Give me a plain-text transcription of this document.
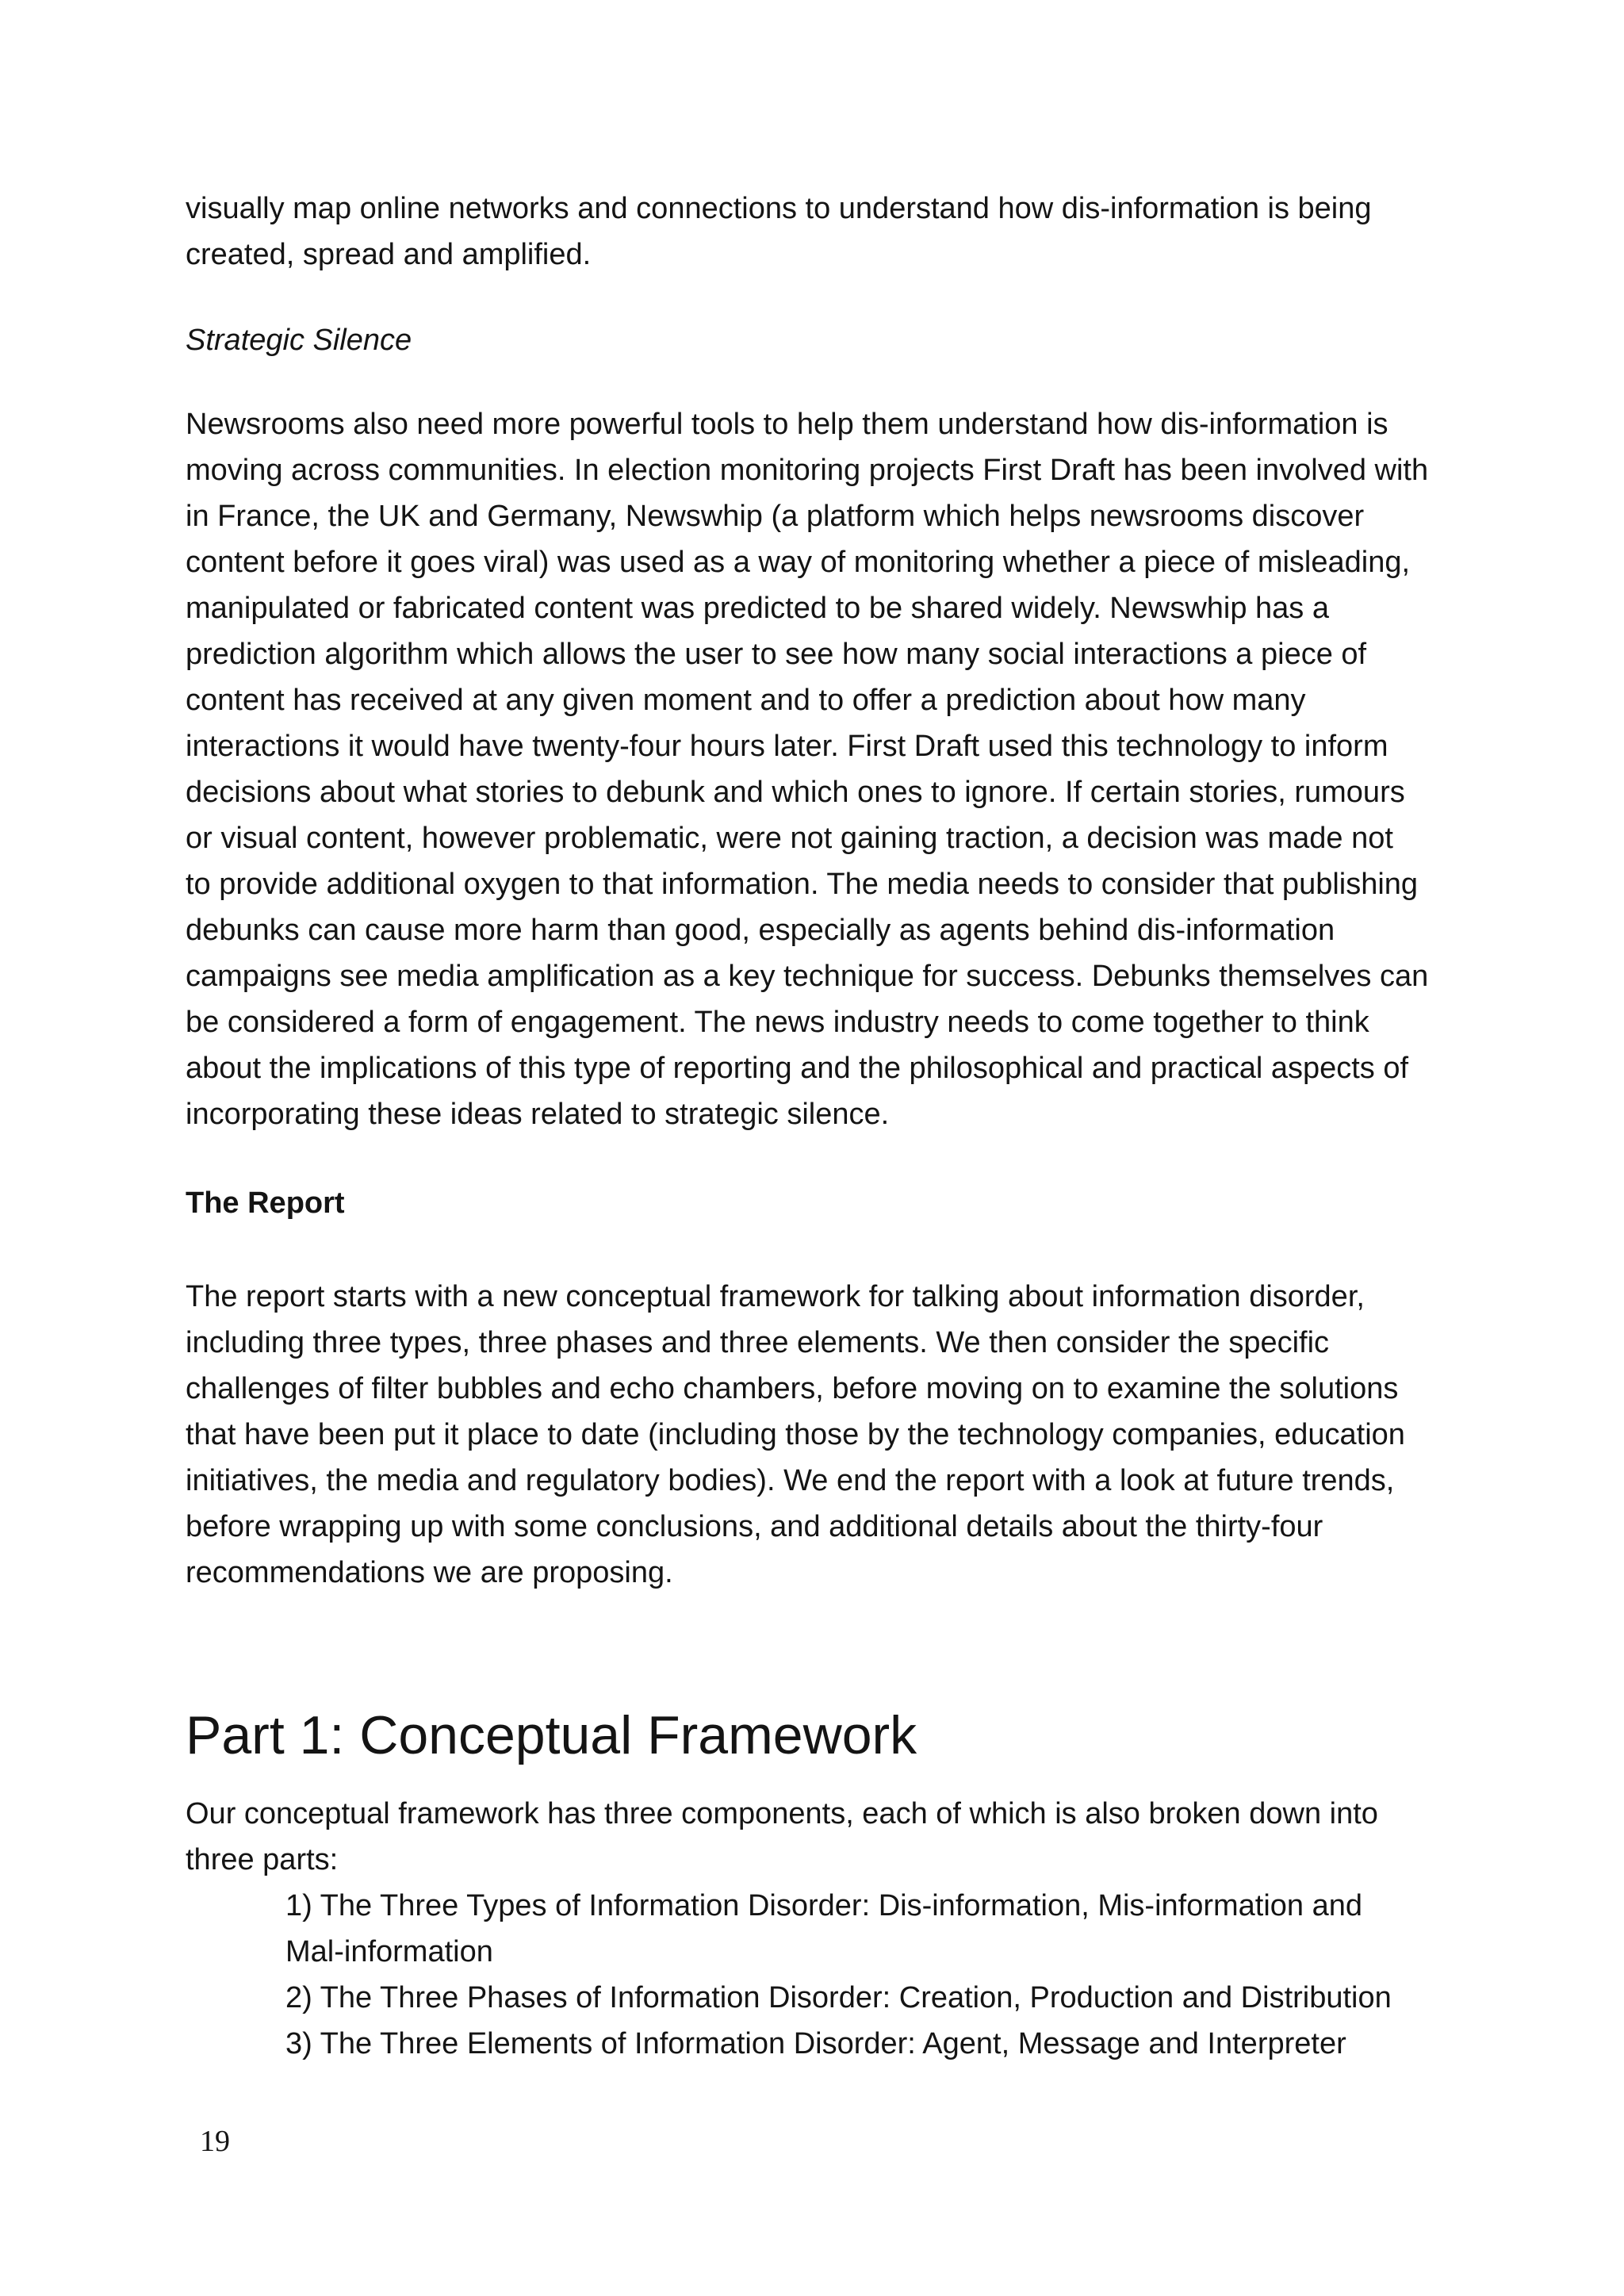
visually map online networks and connections to understand how dis-information is being
created, spread and amplified.

Strategic Silence

Newsrooms also need more powerful tools to help them understand how dis-information is
moving across communities. In election monitoring projects First Draft has been involved with
in France, the UK and Germany, Newswhip (a platform which helps newsrooms discover
content before it goes viral) was used as a way of monitoring whether a piece of misleading,
manipulated or fabricated content was predicted to be shared widely. Newswhip has a
prediction algorithm which allows the user to see how many social interactions a piece of
content has received at any given moment and to offer a prediction about how many
interactions it would have twenty-four hours later. First Draft used this technology to inform
decisions about what stories to debunk and which ones to ignore. If certain stories, rumours
or visual content, however problematic, were not gaining traction, a decision was made not
to provide additional oxygen to that information. The media needs to consider that publishing
debunks can cause more harm than good, especially as agents behind dis-information
campaigns see media amplification as a key technique for success. Debunks themselves can
be considered a form of engagement. The news industry needs to come together to think
about the implications of this type of reporting and the philosophical and practical aspects of
incorporating these ideas related to strategic silence.

The Report

The report starts with a new conceptual framework for talking about information disorder,
including three types, three phases and three elements. We then consider the specific
challenges of filter bubbles and echo chambers, before moving on to examine the solutions
that have been put it place to date (including those by the technology companies, education
initiatives, the media and regulatory bodies). We end the report with a look at future trends,
before wrapping up with some conclusions, and additional details about the thirty-four
recommendations we are proposing.

Part 1: Conceptual Framework

Our conceptual framework has three components, each of which is also broken down into
three parts:

1) The Three Types of Information Disorder: Dis-information, Mis-information and
Mal-information
2) The Three Phases of Information Disorder: Creation, Production and Distribution
3) The Three Elements of Information Disorder: Agent, Message and Interpreter
19
